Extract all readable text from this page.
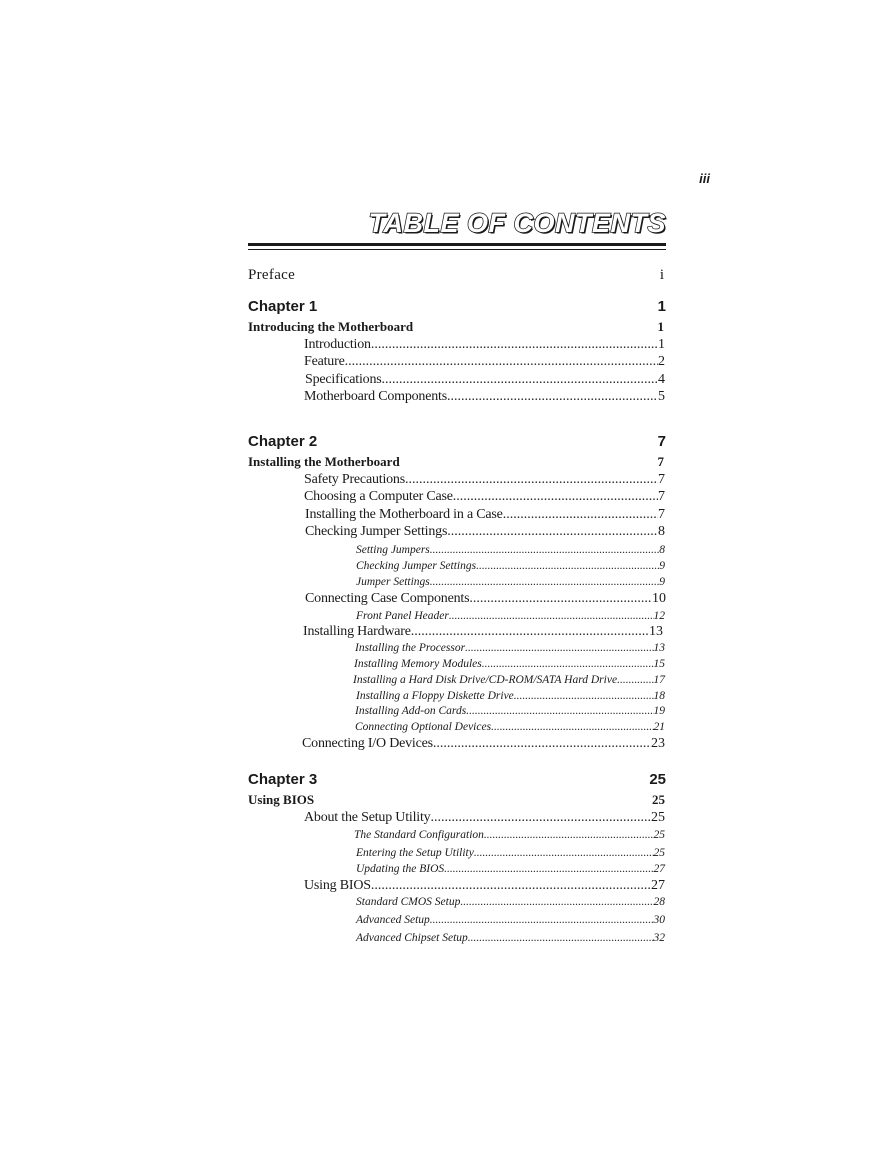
iii
TABLE OF CONTENTS
Preface	i
Chapter 1	1
Introducing the Motherboard	1
Introduction .....	1
Feature .....	2
Specifications .....	4
Motherboard Components .....	5
Chapter 2	7
Installing the Motherboard	7
Safety Precautions .....	7
Choosing a Computer Case .....	7
Installing the Motherboard in a Case .....	7
Checking Jumper Settings .....	8
Setting Jumpers .....	8
Checking Jumper Settings .....	9
Jumper Settings .....	9
Connecting Case Components .....	10
Front Panel Header .....	12
Installing Hardware .....	13
Installing the Processor .....	13
Installing Memory Modules .....	15
Installing a Hard Disk Drive/CD-ROM/SATA Hard Drive .....	17
Installing a Floppy Diskette Drive .....	18
Installing Add-on Cards .....	19
Connecting Optional Devices .....	21
Connecting I/O Devices .....	23
Chapter 3	25
Using BIOS	25
About the Setup Utility .....	25
The Standard Configuration .....	25
Entering the Setup Utility .....	25
Updating the BIOS .....	27
Using BIOS .....	27
Standard CMOS Setup .....	28
Advanced Setup .....	30
Advanced Chipset Setup .....	32
